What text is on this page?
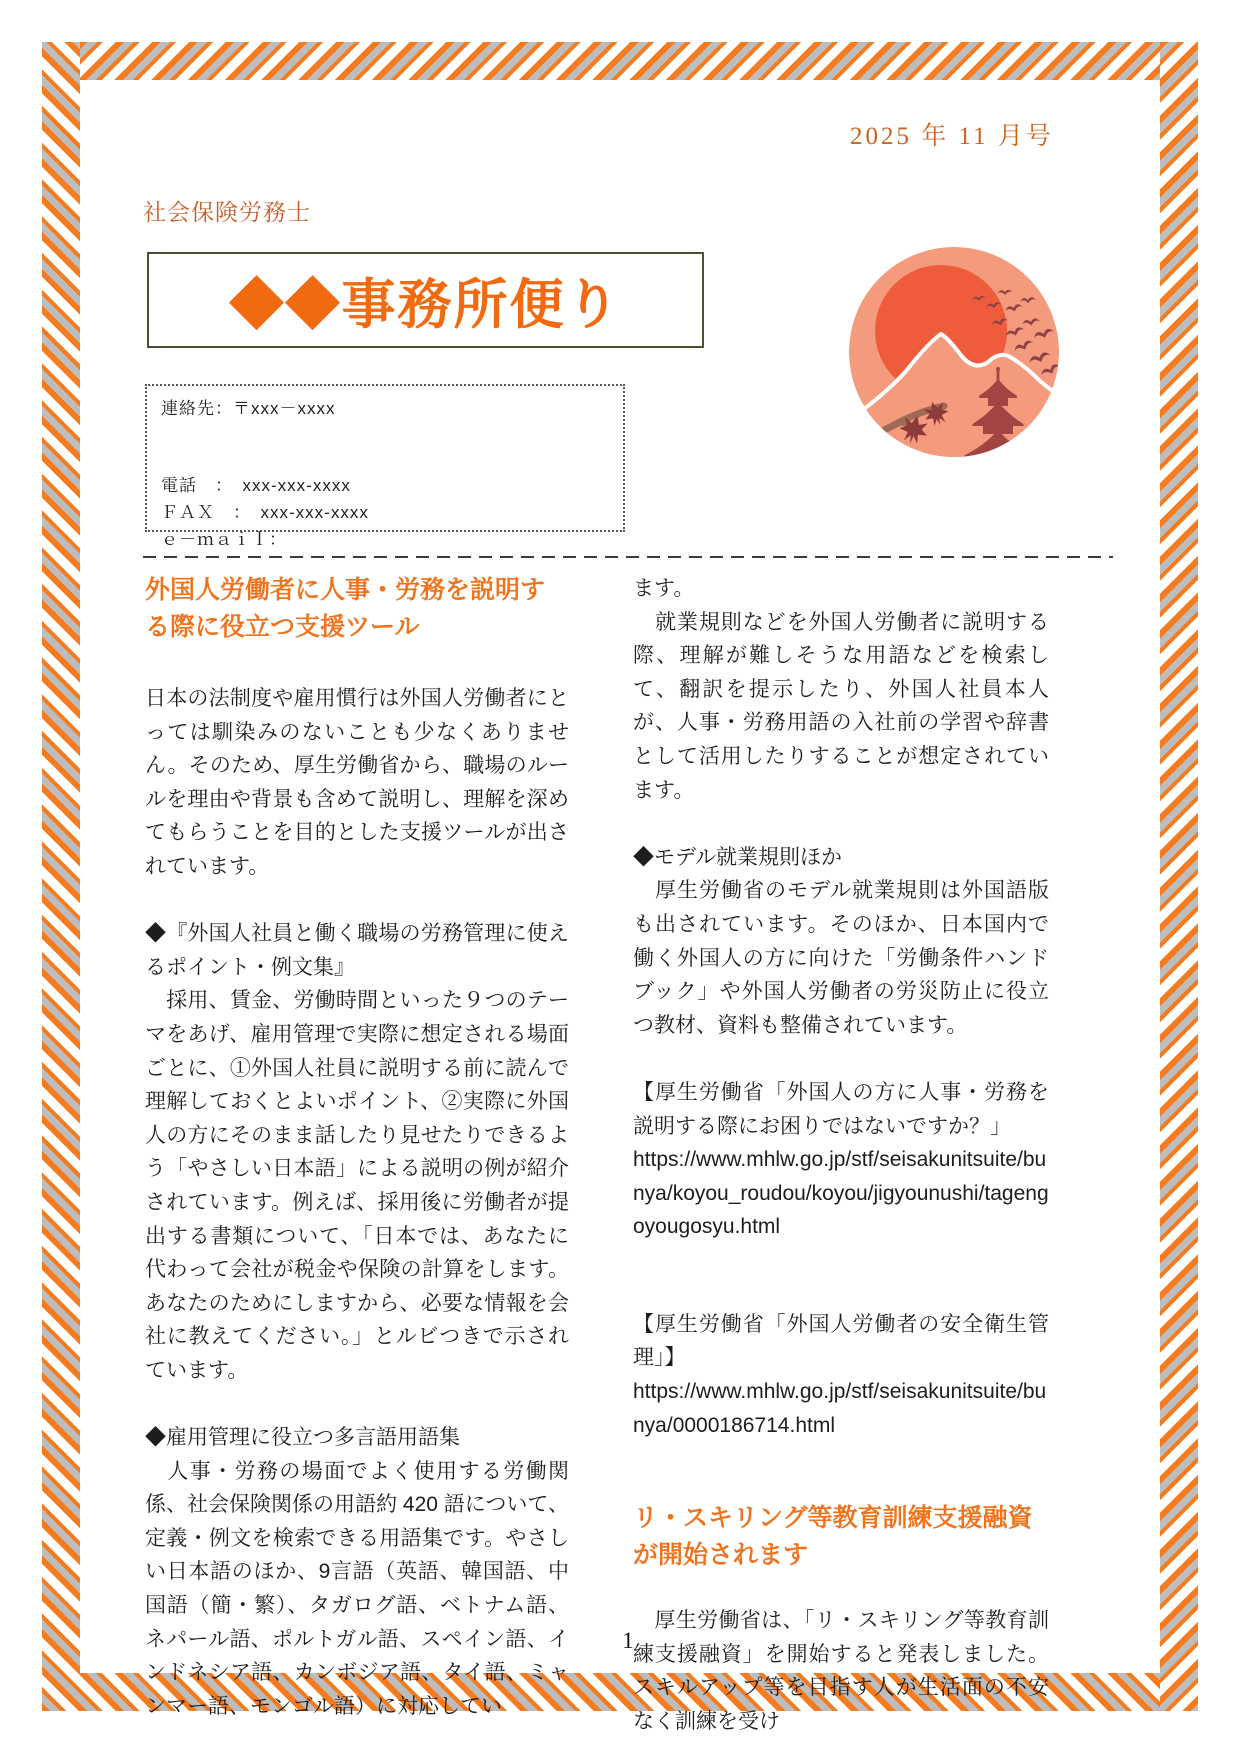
2025 年 11 月号
社会保険労務士
◆◆事務所便り

連絡先：〒xxx－xxxx

電話　：　xxx-xxx-xxxx

ＦＡＸ　：　xxx-xxx-xxxx

ｅ－ｍａｉｌ：

外国人労働者に人事・労務を説明する際に役立つ支援ツール

日本の法制度や雇用慣行は外国人労働者にとっては馴染みのないことも少なくありません。そのため、厚生労働省から、職場のルールを理由や背景も含めて説明し、理解を深めてもらうことを目的とした支援ツールが出されています。

◆『外国人社員と働く職場の労務管理に使えるポイント・例文集』

　採用、賃金、労働時間といった９つのテーマをあげ、雇用管理で実際に想定される場面ごとに、①外国人社員に説明する前に読んで理解しておくとよいポイント、②実際に外国人の方にそのまま話したり見せたりできるよう「やさしい日本語」による説明の例が紹介されています。例えば、採用後に労働者が提出する書類について、「日本では、あなたに代わって会社が税金や保険の計算をします。あなたのためにしますから、必要な情報を会社に教えてください。」とルビつきで示されています。

◆雇用管理に役立つ多言語用語集

　人事・労務の場面でよく使用する労働関係、社会保険関係の用語約 420 語について、定義・例文を検索できる用語集です。やさしい日本語のほか、9言語（英語、韓国語、中国語（簡・繁）、タガログ語、ベトナム語、ネパール語、ポルトガル語、スペイン語、インドネシア語、カンボジア語、タイ語、ミャンマー語、モンゴル語）に対応してい

ます。

　就業規則などを外国人労働者に説明する際、理解が難しそうな用語などを検索して、翻訳を提示したり、外国人社員本人が、人事・労務用語の入社前の学習や辞書として活用したりすることが想定されています。

◆モデル就業規則ほか

　厚生労働省のモデル就業規則は外国語版も出されています。そのほか、日本国内で働く外国人の方に向けた「労働条件ハンドブック」や外国人労働者の労災防止に役立つ教材、資料も整備されています。

【厚生労働省「外国人の方に人事・労務を説明する際にお困りではないですか？」

https://www.mhlw.go.jp/stf/seisakunitsuite/bunya/koyou_roudou/koyou/jigyounushi/tagengoyougosyu.html

【厚生労働省「外国人労働者の安全衛生管理」】

https://www.mhlw.go.jp/stf/seisakunitsuite/bunya/0000186714.html

リ・スキリング等教育訓練支援融資が開始されます

　厚生労働省は、「リ・スキリング等教育訓練支援融資」を開始すると発表しました。スキルアップ等を目指す人が生活面の不安なく訓練を受け

1
